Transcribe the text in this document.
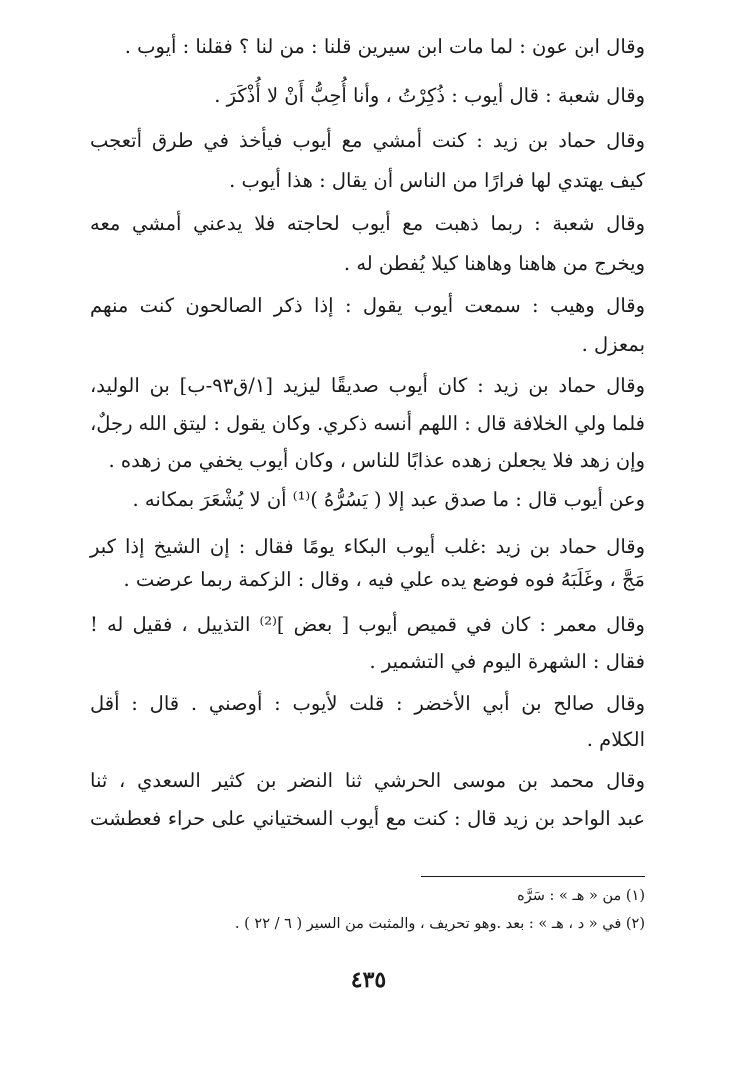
وقال ابن عون : لما مات ابن سيرين قلنا : من لنا ؟ فقلنا : أيوب .
وقال شعبة : قال أيوب : ذُكِرْتُ ، وأنا أُحِبُّ أَنْ لا أُذْكَرَ .
وقال حماد بن زيد : كنت أمشي مع أيوب فيأخذ في طرق أتعجب
كيف يهتدي لها فرارًا من الناس أن يقال : هذا أيوب .
وقال شعبة : ربما ذهبت مع أيوب لحاجته فلا يدعني أمشي معه
ويخرج من هاهنا وهاهنا كيلا يُفطن له .
وقال وهيب : سمعت أيوب يقول : إذا ذكر الصالحون كنت منهم
بمعزل .
وقال حماد بن زيد : كان أيوب صديقًا ليزيد [١/ق٩٣-ب] بن الوليد،
فلما ولي الخلافة قال : اللهم أنسه ذكري. وكان يقول : ليتق الله رجلٌ،
وإن زهد فلا يجعلن زهده عذابًا للناس ، وكان أيوب يخفي من زهده .
وعن أيوب قال : ما صدق عبد إلا ( يَسُرُّهُ )⁽¹⁾ أن لا يُشْعَرَ بمكانه .
وقال حماد بن زيد :غلب أيوب البكاء يومًا فقال : إن الشيخ إذا كبر
مَجَّ ، وغَلَبَهُ فوه فوضع يده علي فيه ، وقال : الزكمة ربما عرضت .
وقال معمر : كان في قميص أيوب [ بعض ]⁽²⁾ التذييل ، فقيل له !
فقال : الشهرة اليوم في التشمير .
وقال صالح بن أبي الأخضر : قلت لأيوب : أوصني . قال : أقل
الكلام .
وقال محمد بن موسى الحرشي ثنا النضر بن كثير السعدي ، ثنا
عبد الواحد بن زيد قال : كنت مع أيوب السختياني على حراء فعطشت
(١) من « هـ » : سَرَّه
(٢) في « د ، هـ » : بعد .وهو تحريف ، والمثبت من السير ( ٦ / ٢٢ ) .
٤٣٥
